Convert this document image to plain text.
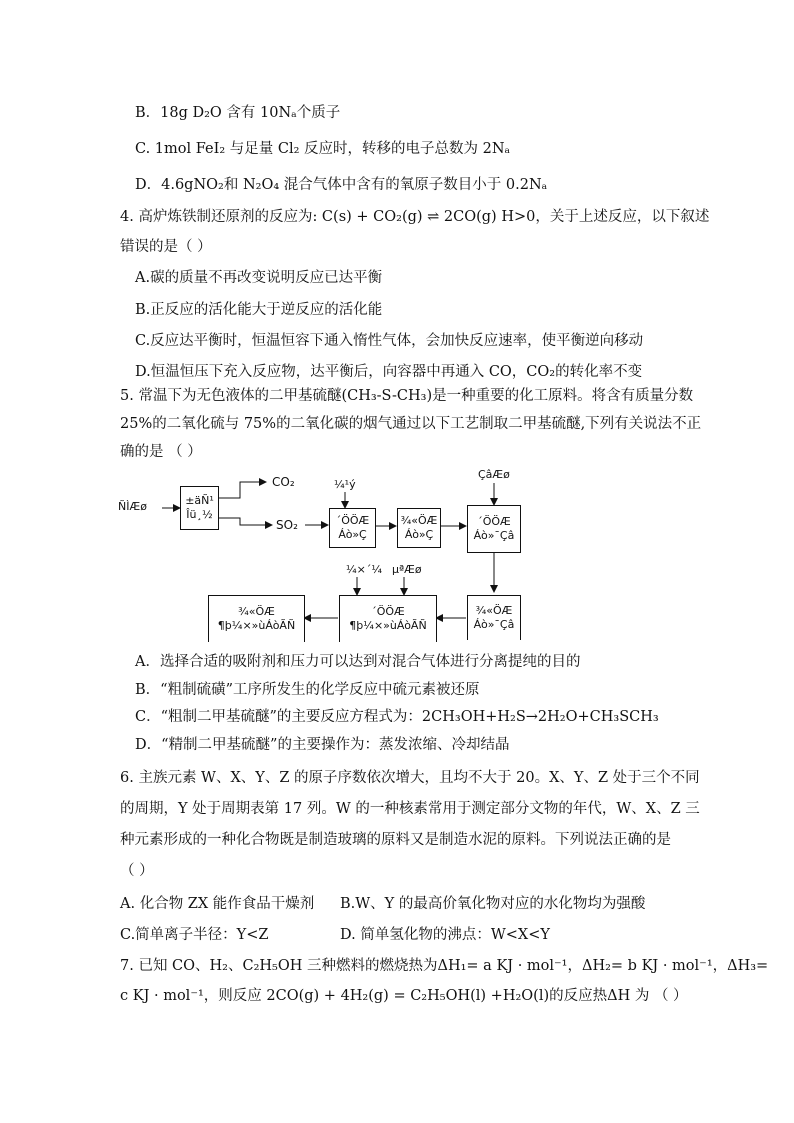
B．18g D₂O 含有 10Nₐ个质子
C. 1mol FeI₂ 与足量 Cl₂ 反应时，转移的电子总数为 2Nₐ
D．4.6gNO₂和 N₂O₄ 混合气体中含有的氧原子数目小于 0.2Nₐ
4. 高炉炼铁制还原剂的反应为: C(s) + CO₂(g) ⇌ 2CO(g) H>0，关于上述反应，以下叙述
错误的是（ ）
A.碳的质量不再改变说明反应已达平衡
B.正反应的活化能大于逆反应的活化能
C.反应达平衡时，恒温恒容下通入惰性气体，会加快反应速率，使平衡逆向移动
D.恒温恒压下充入反应物，达平衡后，向容器中再通入 CO，CO₂的转化率不变
5. 常温下为无色液体的二甲基硫醚(CH₃-S-CH₃)是一种重要的化工原料。将含有质量分数
25%的二氧化硫与 75%的二氧化碳的烟气通过以下工艺制取二甲基硫醚,下列有关说法不正
确的是 （ ）
ÑÌÆø	±äÑ¹
Îü¸½
CO₂
SO₂
¼¹ý
´ÖÖÆ
Áò»Ç
¾«ÖÆ
Áò»Ç
ÇâÆø
´ÖÖÆ
Áò»¯Çâ
¼×´¼ µªÆø
¾«ÖÆ
Áò»¯Çâ
´ÖÖÆ
¶þ¼×»ùÁòÃÑ
¾«ÖÆ
¶þ¼×»ùÁòÃÑ
A．选择合适的吸附剂和压力可以达到对混合气体进行分离提纯的目的
B．“粗制硫磺”工序所发生的化学反应中硫元素被还原
C．“粗制二甲基硫醚”的主要反应方程式为：2CH₃OH+H₂S→2H₂O+CH₃SCH₃
D．“精制二甲基硫醚”的主要操作为：蒸发浓缩、冷却结晶
6. 主族元素 W、X、Y、Z 的原子序数依次增大，且均不大于 20。X、Y、Z 处于三个不同
的周期，Y 处于周期表第 17 列。W 的一种核素常用于测定部分文物的年代，W、X、Z 三
种元素形成的一种化合物既是制造玻璃的原料又是制造水泥的原料。下列说法正确的是
（ ）
A. 化合物 ZX 能作食品干燥剂 B.W、Y 的最高价氧化物对应的水化物均为强酸
C.简单离子半径：Y<Z	D. 简单氢化物的沸点：W<X<Y
7. 已知 CO、H₂、C₂H₅OH 三种燃料的燃烧热为ΔH₁= a KJ · mol⁻¹，ΔH₂= b KJ · mol⁻¹，ΔH₃=
c KJ · mol⁻¹，则反应 2CO(g) + 4H₂(g) = C₂H₅OH(l) +H₂O(l)的反应热ΔH 为 （ ）
